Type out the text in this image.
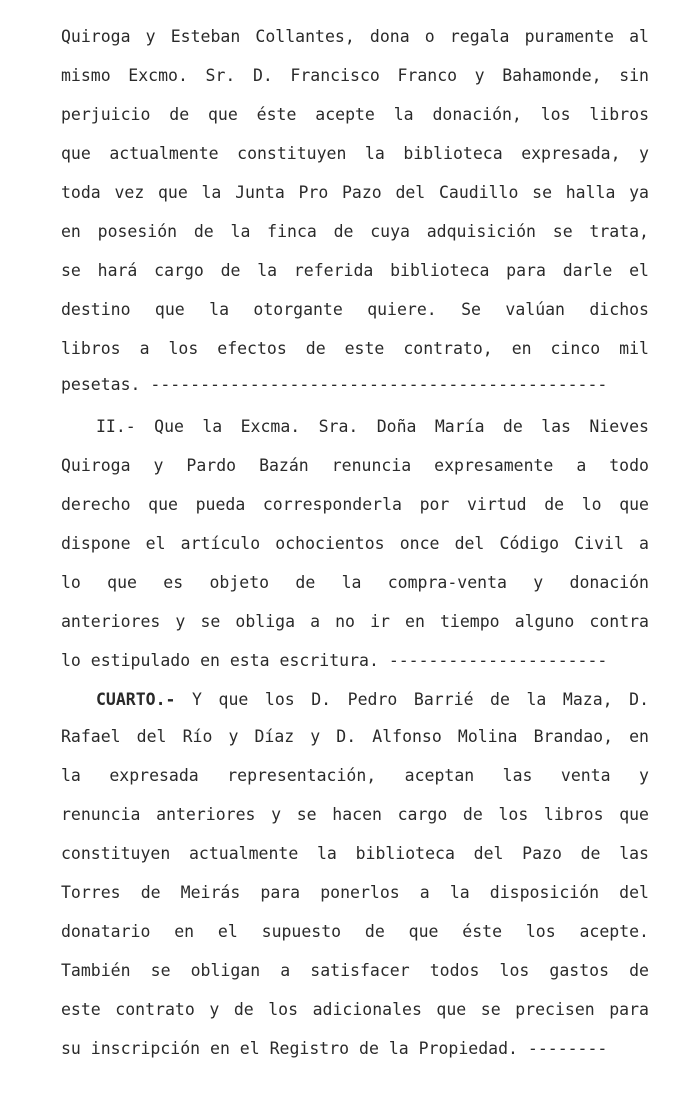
Quiroga y Esteban Collantes, dona o regala puramente al
mismo Excmo. Sr. D. Francisco Franco y Bahamonde, sin
perjuicio de que éste acepte la donación, los libros
que actualmente constituyen la biblioteca expresada, y
toda vez que la Junta Pro Pazo del Caudillo se halla ya
en posesión de la finca de cuya adquisición se trata,
se hará cargo de la referida biblioteca para darle el
destino que la otorgante quiere. Se valúan dichos
libros a los efectos de este contrato, en cinco mil
pesetas. ----------------------------------------------
II.- Que la Excma. Sra. Doña María de las Nieves
Quiroga y Pardo Bazán renuncia expresamente a todo
derecho que pueda corresponderla por virtud de lo que
dispone el artículo ochocientos once del Código Civil a
lo que es objeto de la compra-venta y donación
anteriores y se obliga a no ir en tiempo alguno contra
lo estipulado en esta escritura. ----------------------
CUARTO.- Y que los D. Pedro Barrié de la Maza, D.
Rafael del Río y Díaz y D. Alfonso Molina Brandao, en
la expresada representación, aceptan las venta y
renuncia anteriores y se hacen cargo de los libros que
constituyen actualmente la biblioteca del Pazo de las
Torres de Meirás para ponerlos a la disposición del
donatario en el supuesto de que éste los acepte.
También se obligan a satisfacer todos los gastos de
este contrato y de los adicionales que se precisen para
su inscripción en el Registro de la Propiedad. --------
